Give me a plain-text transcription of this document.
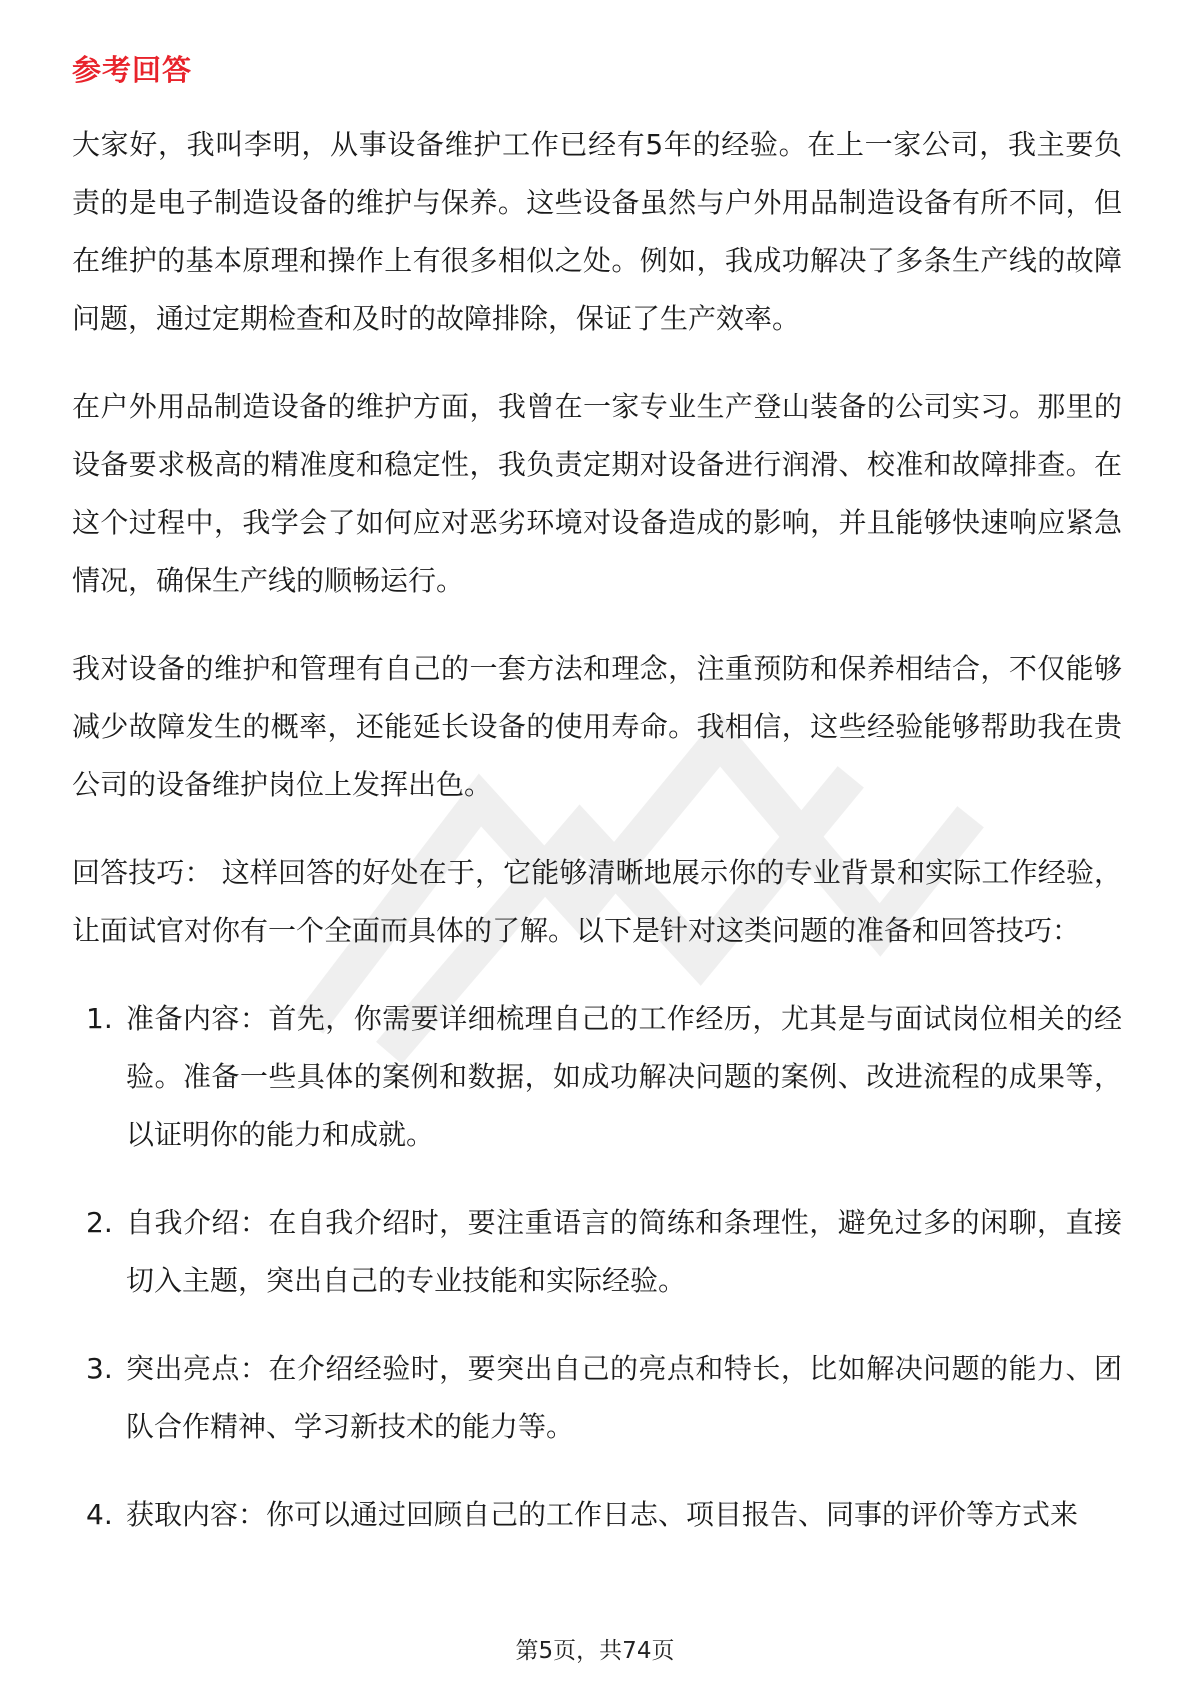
参考回答

大家好，我叫李明，从事设备维护工作已经有5年的经验。在上一家公司，我主要负责的是电子制造设备的维护与保养。这些设备虽然与户外用品制造设备有所不同，但在维护的基本原理和操作上有很多相似之处。例如，我成功解决了多条生产线的故障问题，通过定期检查和及时的故障排除，保证了生产效率。

在户外用品制造设备的维护方面，我曾在一家专业生产登山装备的公司实习。那里的设备要求极高的精准度和稳定性，我负责定期对设备进行润滑、校准和故障排查。在这个过程中，我学会了如何应对恶劣环境对设备造成的影响，并且能够快速响应紧急情况，确保生产线的顺畅运行。

我对设备的维护和管理有自己的一套方法和理念，注重预防和保养相结合，不仅能够减少故障发生的概率，还能延长设备的使用寿命。我相信，这些经验能够帮助我在贵公司的设备维护岗位上发挥出色。

回答技巧： 这样回答的好处在于，它能够清晰地展示你的专业背景和实际工作经验，让面试官对你有一个全面而具体的了解。以下是针对这类问题的准备和回答技巧：

1. 准备内容：首先，你需要详细梳理自己的工作经历，尤其是与面试岗位相关的经验。准备一些具体的案例和数据，如成功解决问题的案例、改进流程的成果等，以证明你的能力和成就。
2. 自我介绍：在自我介绍时，要注重语言的简练和条理性，避免过多的闲聊，直接切入主题，突出自己的专业技能和实际经验。
3. 突出亮点：在介绍经验时，要突出自己的亮点和特长，比如解决问题的能力、团队合作精神、学习新技术的能力等。
4. 获取内容：你可以通过回顾自己的工作日志、项目报告、同事的评价等方式来
第5页，共74页
